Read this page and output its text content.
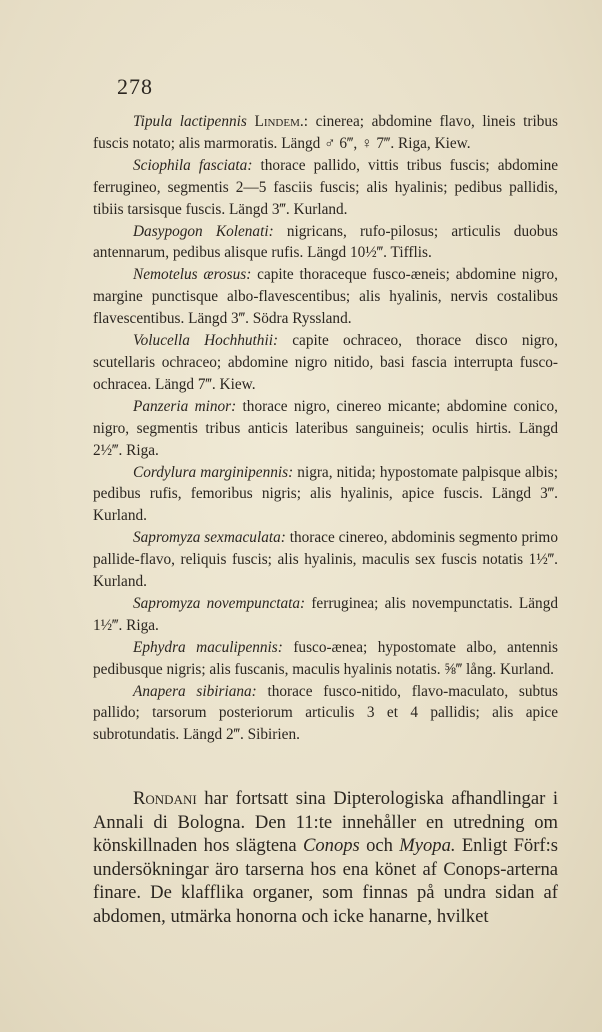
278

Tipula lactipennis Lindem.: cinerea; abdomine flavo, lineis tribus fuscis notato; alis marmoratis. Längd ♂ 6‴, ♀ 7‴. Riga, Kiew.

Sciophila fasciata: thorace pallido, vittis tribus fuscis; abdomine ferrugineo, segmentis 2—5 fasciis fuscis; alis hyalinis; pedibus pallidis, tibiis tarsisque fuscis. Längd 3‴. Kurland.

Dasypogon Kolenati: nigricans, rufo-pilosus; articulis duobus antennarum, pedibus alisque rufis. Längd 10½‴. Tifflis.

Nemotelus ærosus: capite thoraceque fusco-æneis; abdomine nigro, margine punctisque albo-flavescentibus; alis hyalinis, nervis costalibus flavescentibus. Längd 3‴. Södra Ryssland.

Volucella Hochhuthii: capite ochraceo, thorace disco nigro, scutellaris ochraceo; abdomine nigro nitido, basi fascia interrupta fusco-ochracea. Längd 7‴. Kiew.

Panzeria minor: thorace nigro, cinereo micante; abdomine conico, nigro, segmentis tribus anticis lateribus sanguineis; oculis hirtis. Längd 2½‴. Riga.

Cordylura marginipennis: nigra, nitida; hypostomate palpisque albis; pedibus rufis, femoribus nigris; alis hyalinis, apice fuscis. Längd 3‴. Kurland.

Sapromyza sexmaculata: thorace cinereo, abdominis segmento primo pallide-flavo, reliquis fuscis; alis hyalinis, maculis sex fuscis notatis 1½‴. Kurland.

Sapromyza novempunctata: ferruginea; alis novempunctatis. Längd 1½‴. Riga.

Ephydra maculipennis: fusco-ænea; hypostomate albo, antennis pedibusque nigris; alis fuscanis, maculis hyalinis notatis. ⅝‴ lång. Kurland.

Anapera sibiriana: thorace fusco-nitido, flavo-maculato, subtus pallido; tarsorum posteriorum articulis 3 et 4 pallidis; alis apice subrotundatis. Längd 2‴. Sibirien.

Rondani har fortsatt sina Dipterologiska afhandlingar i Annali di Bologna. Den 11:te innehåller en utredning om könskillnaden hos slägtena Conops och Myopa. Enligt Förf:s undersökningar äro tarserna hos ena könet af Conops-arterna finare. De klafflika organer, som finnas på undra sidan af abdomen, utmärka honorna och icke hanarne, hvilket
